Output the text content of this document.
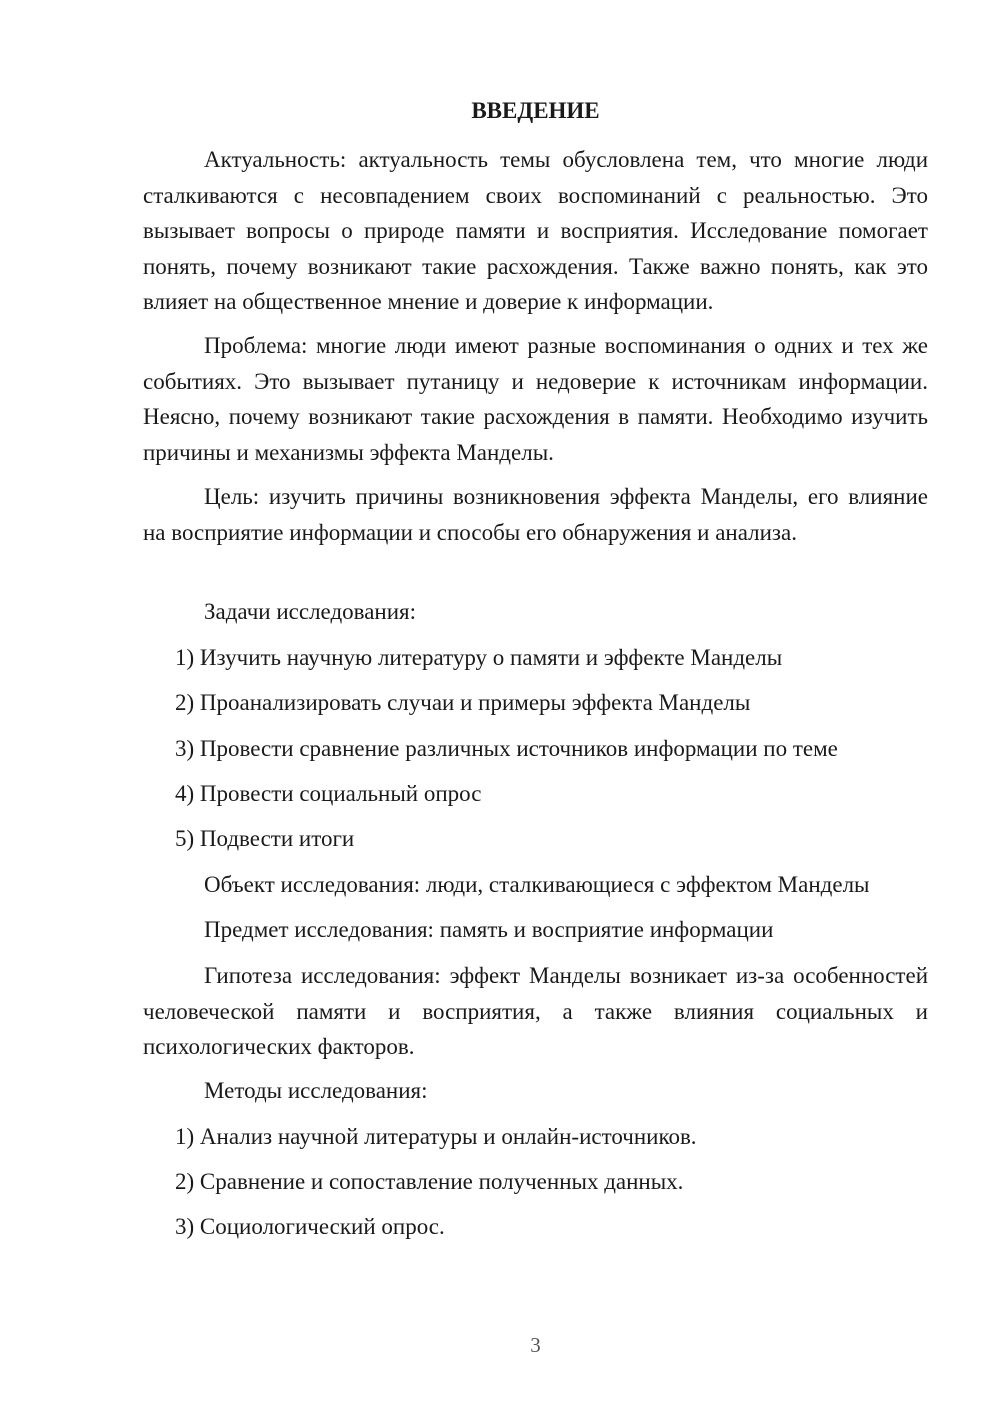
ВВЕДЕНИЕ

Актуальность: актуальность темы обусловлена тем, что многие люди сталкиваются с несовпадением своих воспоминаний с реальностью. Это вызывает вопросы о природе памяти и восприятия. Исследование помогает понять, почему возникают такие расхождения. Также важно понять, как это влияет на общественное мнение и доверие к информации.

Проблема: многие люди имеют разные воспоминания о одних и тех же событиях. Это вызывает путаницу и недоверие к источникам информации. Неясно, почему возникают такие расхождения в памяти. Необходимо изучить причины и механизмы эффекта Манделы.

Цель: изучить причины возникновения эффекта Манделы, его влияние на восприятие информации и способы его обнаружения и анализа.

Задачи исследования:

1) Изучить научную литературу о памяти и эффекте Манделы

2) Проанализировать случаи и примеры эффекта Манделы

3) Провести сравнение различных источников информации по теме

4) Провести социальный опрос

5) Подвести итоги

Объект исследования: люди, сталкивающиеся с эффектом Манделы

Предмет исследования: память и восприятие информации

Гипотеза исследования: эффект Манделы возникает из-за особенностей человеческой памяти и восприятия, а также влияния социальных и психологических факторов.

Методы исследования:

1) Анализ научной литературы и онлайн-источников.

2) Сравнение и сопоставление полученных данных.

3) Социологический опрос.

3
